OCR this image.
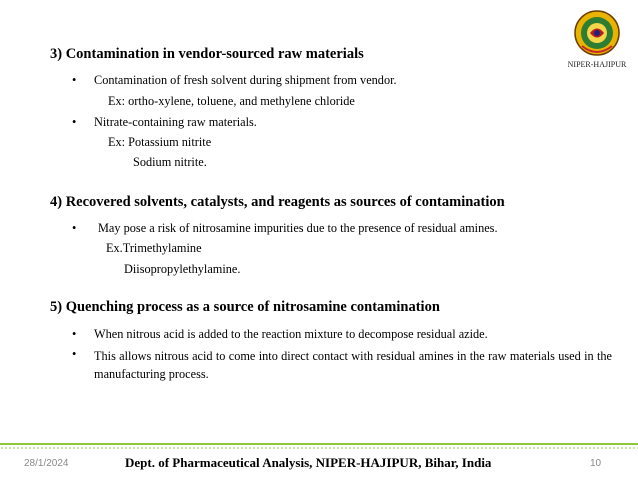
NIPER-HAJIPUR
3) Contamination in vendor-sourced raw materials
• Contamination of fresh solvent during shipment from vendor.
Ex: ortho-xylene, toluene, and methylene chloride
• Nitrate-containing raw materials.
Ex: Potassium nitrite
Sodium nitrite.
4) Recovered solvents, catalysts, and reagents as sources of contamination
• May pose a risk of nitrosamine impurities due to the presence of residual amines.
Ex.Trimethylamine
Diisopropylethylamine.
5) Quenching process as a source of nitrosamine contamination
• When nitrous acid is added to the reaction mixture to decompose residual azide.
• This allows nitrous acid to come into direct contact with residual amines in the raw materials used in the manufacturing process.
28/1/2024	Dept. of Pharmaceutical Analysis, NIPER-HAJIPUR, Bihar, India	10
